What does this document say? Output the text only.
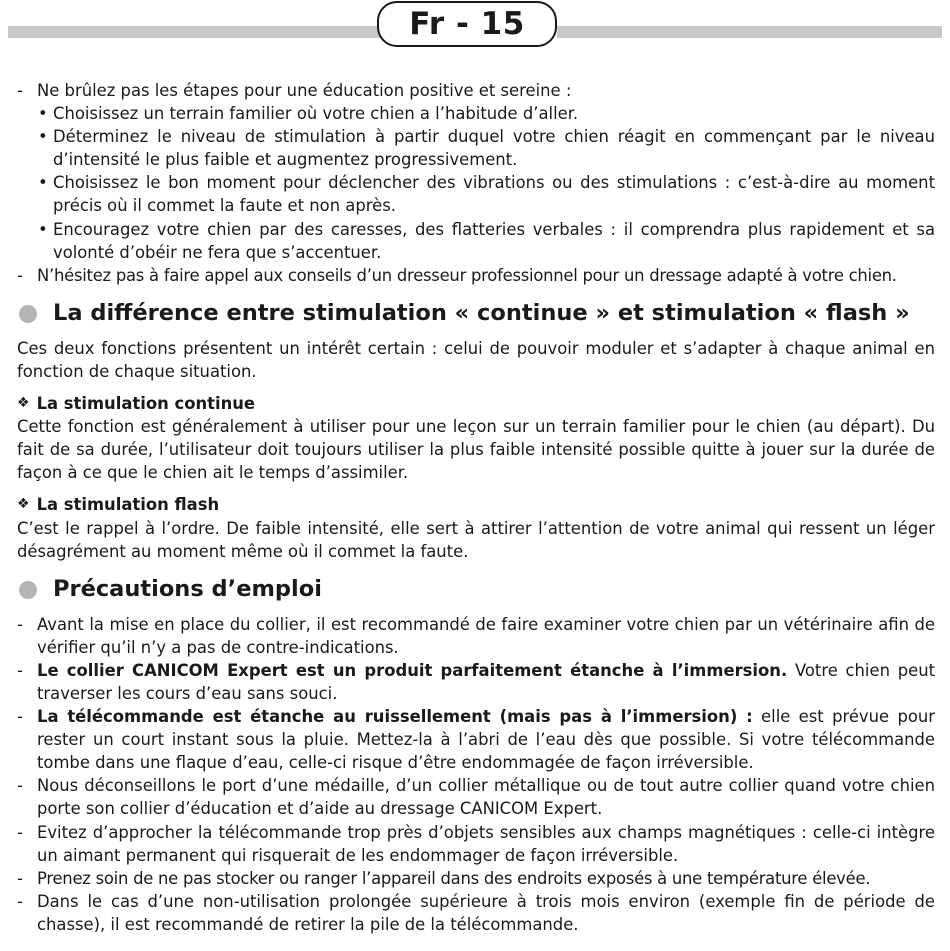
Fr - 15
- Ne brûlez pas les étapes pour une éducation positive et sereine :
• Choisissez un terrain familier où votre chien a l’habitude d’aller.
• Déterminez le niveau de stimulation à partir duquel votre chien réagit en commençant par le niveau d’intensité le plus faible et augmentez progressivement.
• Choisissez le bon moment pour déclencher des vibrations ou des stimulations : c’est-à-dire au moment précis où il commet la faute et non après.
• Encouragez votre chien par des caresses, des flatteries verbales : il comprendra plus rapidement et sa volonté d’obéir ne fera que s’accentuer.
- N’hésitez pas à faire appel aux conseils d’un dresseur professionnel pour un dressage adapté à votre chien.
La différence entre stimulation « continue » et stimulation « flash »
Ces deux fonctions présentent un intérêt certain : celui de pouvoir moduler et s’adapter à chaque animal en fonction de chaque situation.
❖ La stimulation continue
Cette fonction est généralement à utiliser pour une leçon sur un terrain familier pour le chien (au départ). Du fait de sa durée, l’utilisateur doit toujours utiliser la plus faible intensité possible quitte à jouer sur la durée de façon à ce que le chien ait le temps d’assimiler.
❖ La stimulation flash
C’est le rappel à l’ordre. De faible intensité, elle sert à attirer l’attention de votre animal qui ressent un léger désagrément au moment même où il commet la faute.
Précautions d’emploi
- Avant la mise en place du collier, il est recommandé de faire examiner votre chien par un vétérinaire afin de vérifier qu’il n’y a pas de contre-indications.
- Le collier CANICOM Expert est un produit parfaitement étanche à l’immersion. Votre chien peut traverser les cours d’eau sans souci.
- La télécommande est étanche au ruissellement (mais pas à l’immersion) : elle est prévue pour rester un court instant sous la pluie. Mettez-la à l’abri de l’eau dès que possible. Si votre télécommande tombe dans une flaque d’eau, celle-ci risque d’être endommagée de façon irréversible.
- Nous déconseillons le port d’une médaille, d’un collier métallique ou de tout autre collier quand votre chien porte son collier d’éducation et d’aide au dressage CANICOM Expert.
- Evitez d’approcher la télécommande trop près d’objets sensibles aux champs magnétiques : celle-ci intègre un aimant permanent qui risquerait de les endommager de façon irréversible.
- Prenez soin de ne pas stocker ou ranger l’appareil dans des endroits exposés à une température élevée.
- Dans le cas d’une non-utilisation prolongée supérieure à trois mois environ (exemple fin de période de chasse), il est recommandé de retirer la pile de la télécommande.
